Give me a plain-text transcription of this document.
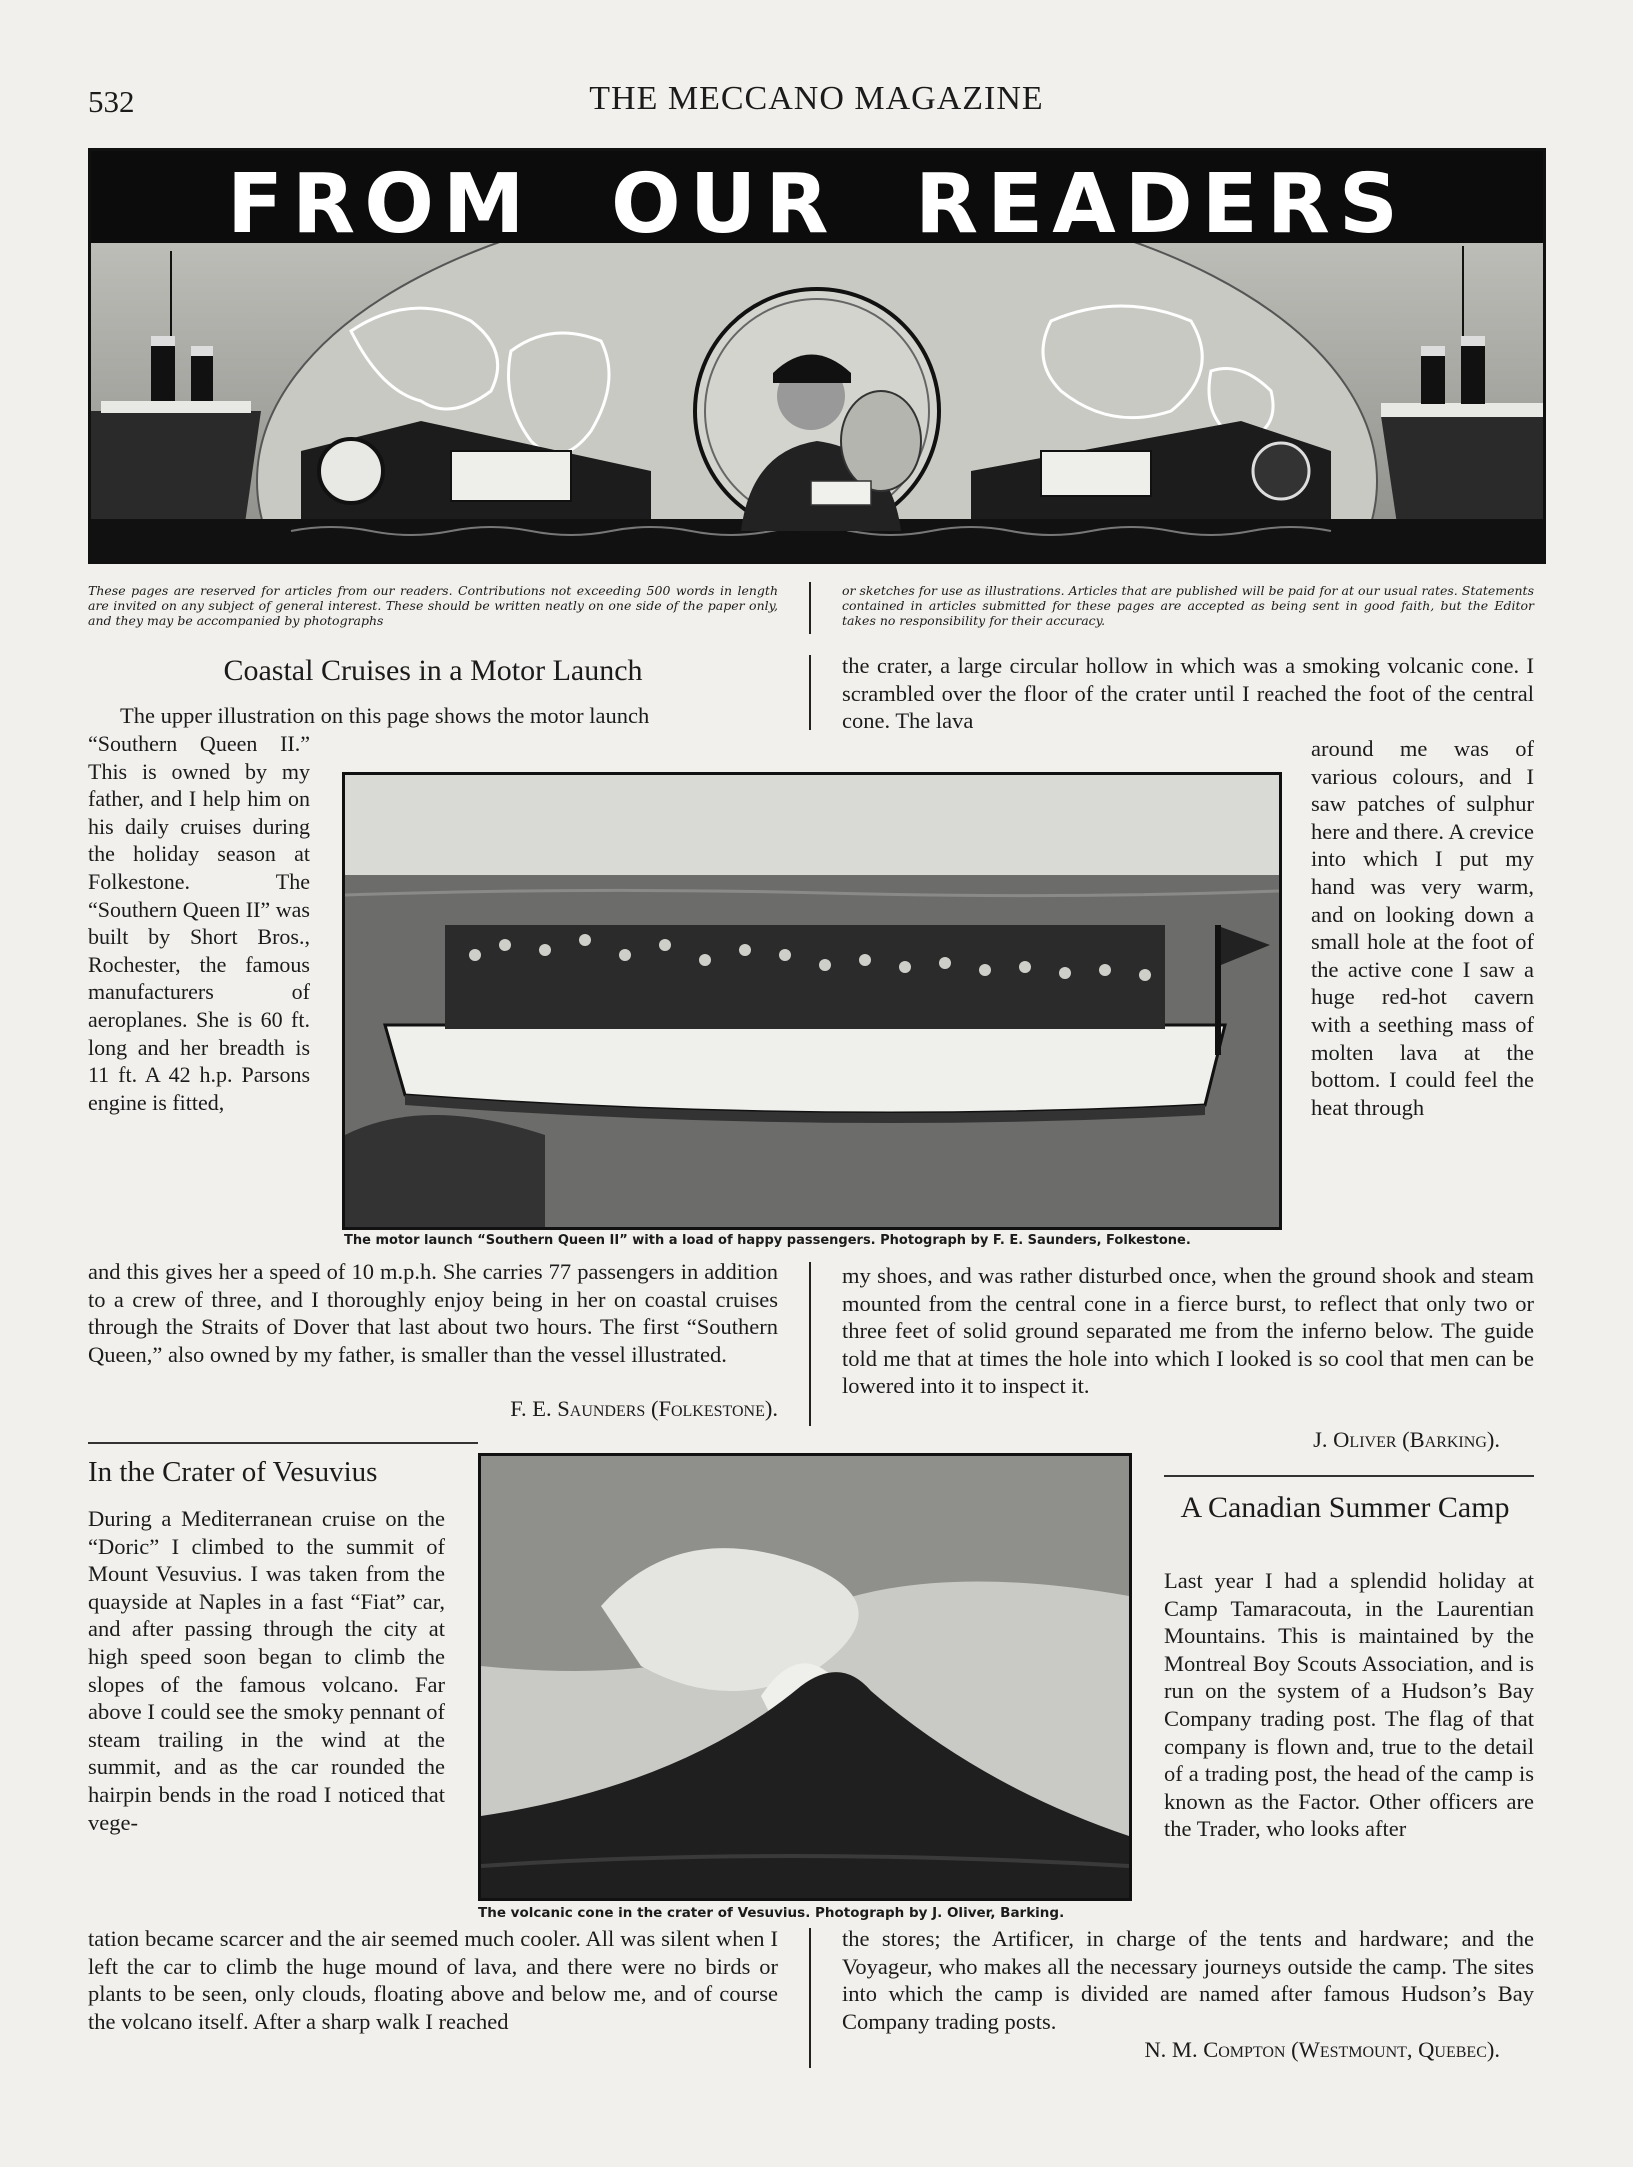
532	THE MECCANO MAGAZINE
FROM OUR READERS
These pages are reserved for articles from our readers. Contributions not exceeding 500 words in length are invited on any subject of general interest. These should be written neatly on one side of the paper only, and they may be accompanied by photographs
or sketches for use as illustrations. Articles that are published will be paid for at our usual rates. Statements contained in articles submitted for these pages are accepted as being sent in good faith, but the Editor takes no responsibility for their accuracy.
Coastal Cruises in a Motor Launch
The upper illustration on this page shows the motor launch
“Southern Queen II.” This is owned by my father, and I help him on his daily cruises during the holiday season at Folkestone. The “Southern Queen II” was built by Short Bros., Rochester, the famous manufacturers of aeroplanes. She is 60 ft. long and her breadth is 11 ft. A 42 h.p. Parsons engine is fitted,
The motor launch “Southern Queen II” with a load of happy passengers. Photograph by F. E. Saunders, Folkestone.
and this gives her a speed of 10 m.p.h. She carries 77 passengers in addition to a crew of three, and I thoroughly enjoy being in her on coastal cruises through the Straits of Dover that last about two hours. The first “Southern Queen,” also owned by my father, is smaller than the vessel illustrated.
F. E. Saunders (Folkestone).
In the Crater of Vesuvius
During a Mediterranean cruise on the “Doric” I climbed to the summit of Mount Vesuvius. I was taken from the quayside at Naples in a fast “Fiat” car, and after passing through the city at high speed soon began to climb the slopes of the famous volcano. Far above I could see the smoky pennant of steam trailing in the wind at the summit, and as the car rounded the hairpin bends in the road I noticed that vege-
The volcanic cone in the crater of Vesuvius. Photograph by J. Oliver, Barking.
tation became scarcer and the air seemed much cooler. All was silent when I left the car to climb the huge mound of lava, and there were no birds or plants to be seen, only clouds, floating above and below me, and of course the volcano itself. After a sharp walk I reached
the crater, a large circular hollow in which was a smoking volcanic cone. I scrambled over the floor of the crater until I reached the foot of the central cone. The lava
around me was of various colours, and I saw patches of sulphur here and there. A crevice into which I put my hand was very warm, and on looking down a small hole at the foot of the active cone I saw a huge red-hot cavern with a seething mass of molten lava at the bottom. I could feel the heat through
my shoes, and was rather disturbed once, when the ground shook and steam mounted from the central cone in a fierce burst, to reflect that only two or three feet of solid ground separated me from the inferno below. The guide told me that at times the hole into which I looked is so cool that men can be lowered into it to inspect it.
J. Oliver (Barking).
A Canadian Summer Camp
Last year I had a splendid holiday at Camp Tamaracouta, in the Laurentian Mountains. This is maintained by the Montreal Boy Scouts Association, and is run on the system of a Hudson’s Bay Company trading post. The flag of that company is flown and, true to the detail of a trading post, the head of the camp is known as the Factor. Other officers are the Trader, who looks after
the stores; the Artificer, in charge of the tents and hardware; and the Voyageur, who makes all the necessary journeys outside the camp. The sites into which the camp is divided are named after famous Hudson’s Bay Company trading posts.
N. M. Compton (Westmount, Quebec).
